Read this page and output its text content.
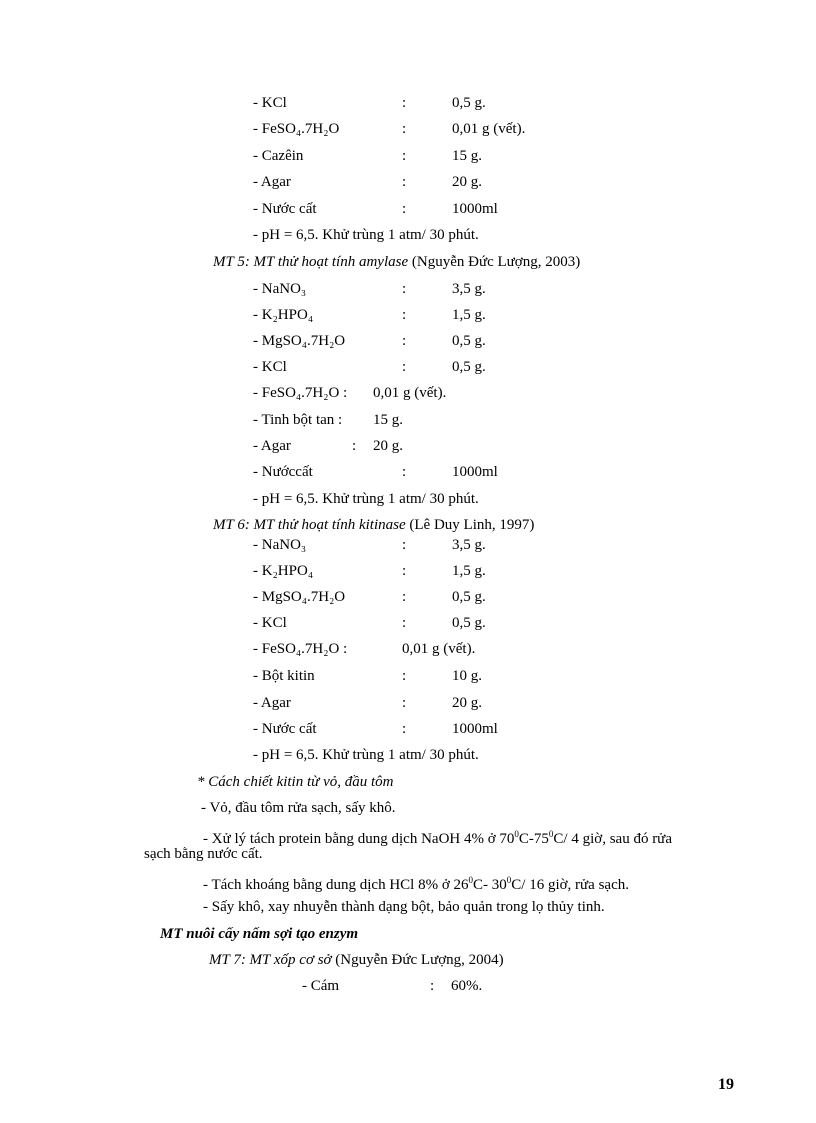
- KCl	:	0,5 g.
- FeSO₄.7H₂O	:	0,01 g (vết).
- Cazêin	:	15 g.
- Agar	:	20 g.
- Nước cất	:	1000ml
- pH = 6,5. Khử trùng 1 atm/ 30 phút.
MT 5: MT thử hoạt tính amylase (Nguyễn Đức Lượng, 2003)
- NaNO₃	:	3,5 g.
- K₂HPO₄	:	1,5 g.
- MgSO₄.7H₂O	:	0,5 g.
- KCl	:	0,5 g.
- FeSO₄.7H₂O : 0,01 g (vết).
- Tinh bột tan : 15 g.
- Agar	: 20 g.
- Nướccất	:	1000ml
- pH = 6,5. Khử trùng 1 atm/ 30 phút.
MT 6: MT thử hoạt tính kitinase (Lê Duy Linh, 1997)
- NaNO₃	:	3,5 g.
- K₂HPO₄	:	1,5 g.
- MgSO₄.7H₂O	:	0,5 g.
- KCl	:	0,5 g.
- FeSO₄.7H₂O :	0,01 g (vết).
- Bột kitin	:	10 g.
- Agar	:	20 g.
- Nước cất	:	1000ml
- pH = 6,5. Khử trùng 1 atm/ 30 phút.
* Cách chiết kitin từ vỏ, đầu tôm
- Vỏ, đầu tôm rửa sạch, sấy khô.
- Xử lý tách protein bằng dung dịch NaOH 4% ở $70^0C-75^0C/$ 4 giờ, sau đó rửa
sạch bằng nước cất.
- Tách khoáng bằng dung dịch HCl 8% ở $26^0C-$ $30^0C/$ 16 giờ, rửa sạch.
- Sấy khô, xay nhuyễn thành dạng bột, bảo quản trong lọ thủy tinh.
MT nuôi cấy nấm sợi tạo enzym
MT 7: MT xốp cơ sở (Nguyễn Đức Lượng, 2004)
- Cám	: 60%.
19
